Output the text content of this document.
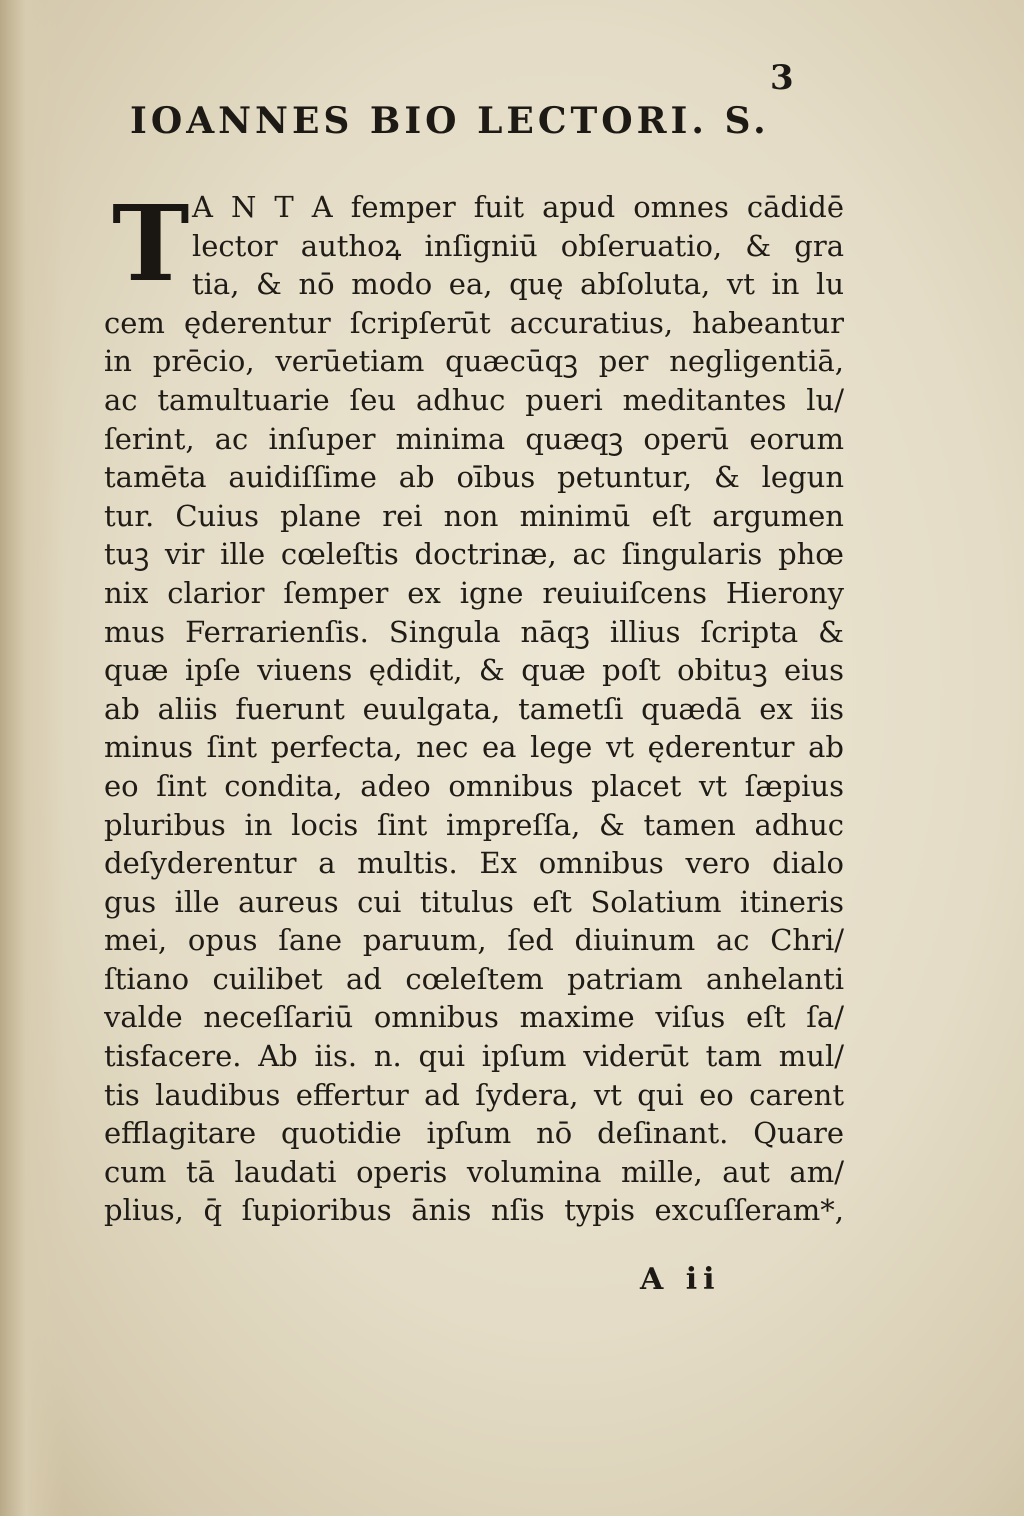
3
IOANNES BIO LECTORI. S.
T A N T A femper fuit apud omnes cādidē
lector authoꝝ inſigniū obſeruatio, & gra
tia, & nō modo ea, quę abſoluta, vt in lu
cem ęderentur ſcripſerūt accuratius, habeantur
in prēcio, verūetiam quæcūqꝫ per negligentiā,
ac tamultuarie ſeu adhuc pueri meditantes lu/
ſerint, ac inſuper minima quæqꝫ operū eorum
tamēta auidiſſime ab oībus petuntur, & legun
tur. Cuius plane rei non minimū eſt argumen
tuꝫ vir ille cœleſtis doctrinæ, ac ſingularis phœ
nix clarior ſemper ex igne reuiuiſcens Hierony
mus Ferrarienſis. Singula nāqꝫ illius ſcripta &
quæ ipſe viuens ędidit, & quæ poſt obituꝫ eius
ab aliis fuerunt euulgata, tametſi quædā ex iis
minus ſint perfecta, nec ea lege vt ęderentur ab
eo ſint condita, adeo omnibus placet vt ſæpius
pluribus in locis ſint impreſſa, & tamen adhuc
deſyderentur a multis. Ex omnibus vero dialo
gus ille aureus cui titulus eſt Solatium itineris
mei, opus ſane paruum, ſed diuinum ac Chri/
ſtiano cuilibet ad cœleſtem patriam anhelanti
valde neceſſariū omnibus maxime viſus eſt ſa/
tisfacere. Ab iis. n. qui ipſum viderūt tam mul/
tis laudibus effertur ad ſydera, vt qui eo carent
efflagitare quotidie ipſum nō deſinant. Quare
cum tā laudati operis volumina mille, aut am/
plius, q̄ ſupioribus ānis nſis typis excuſſeram*,
A ii
